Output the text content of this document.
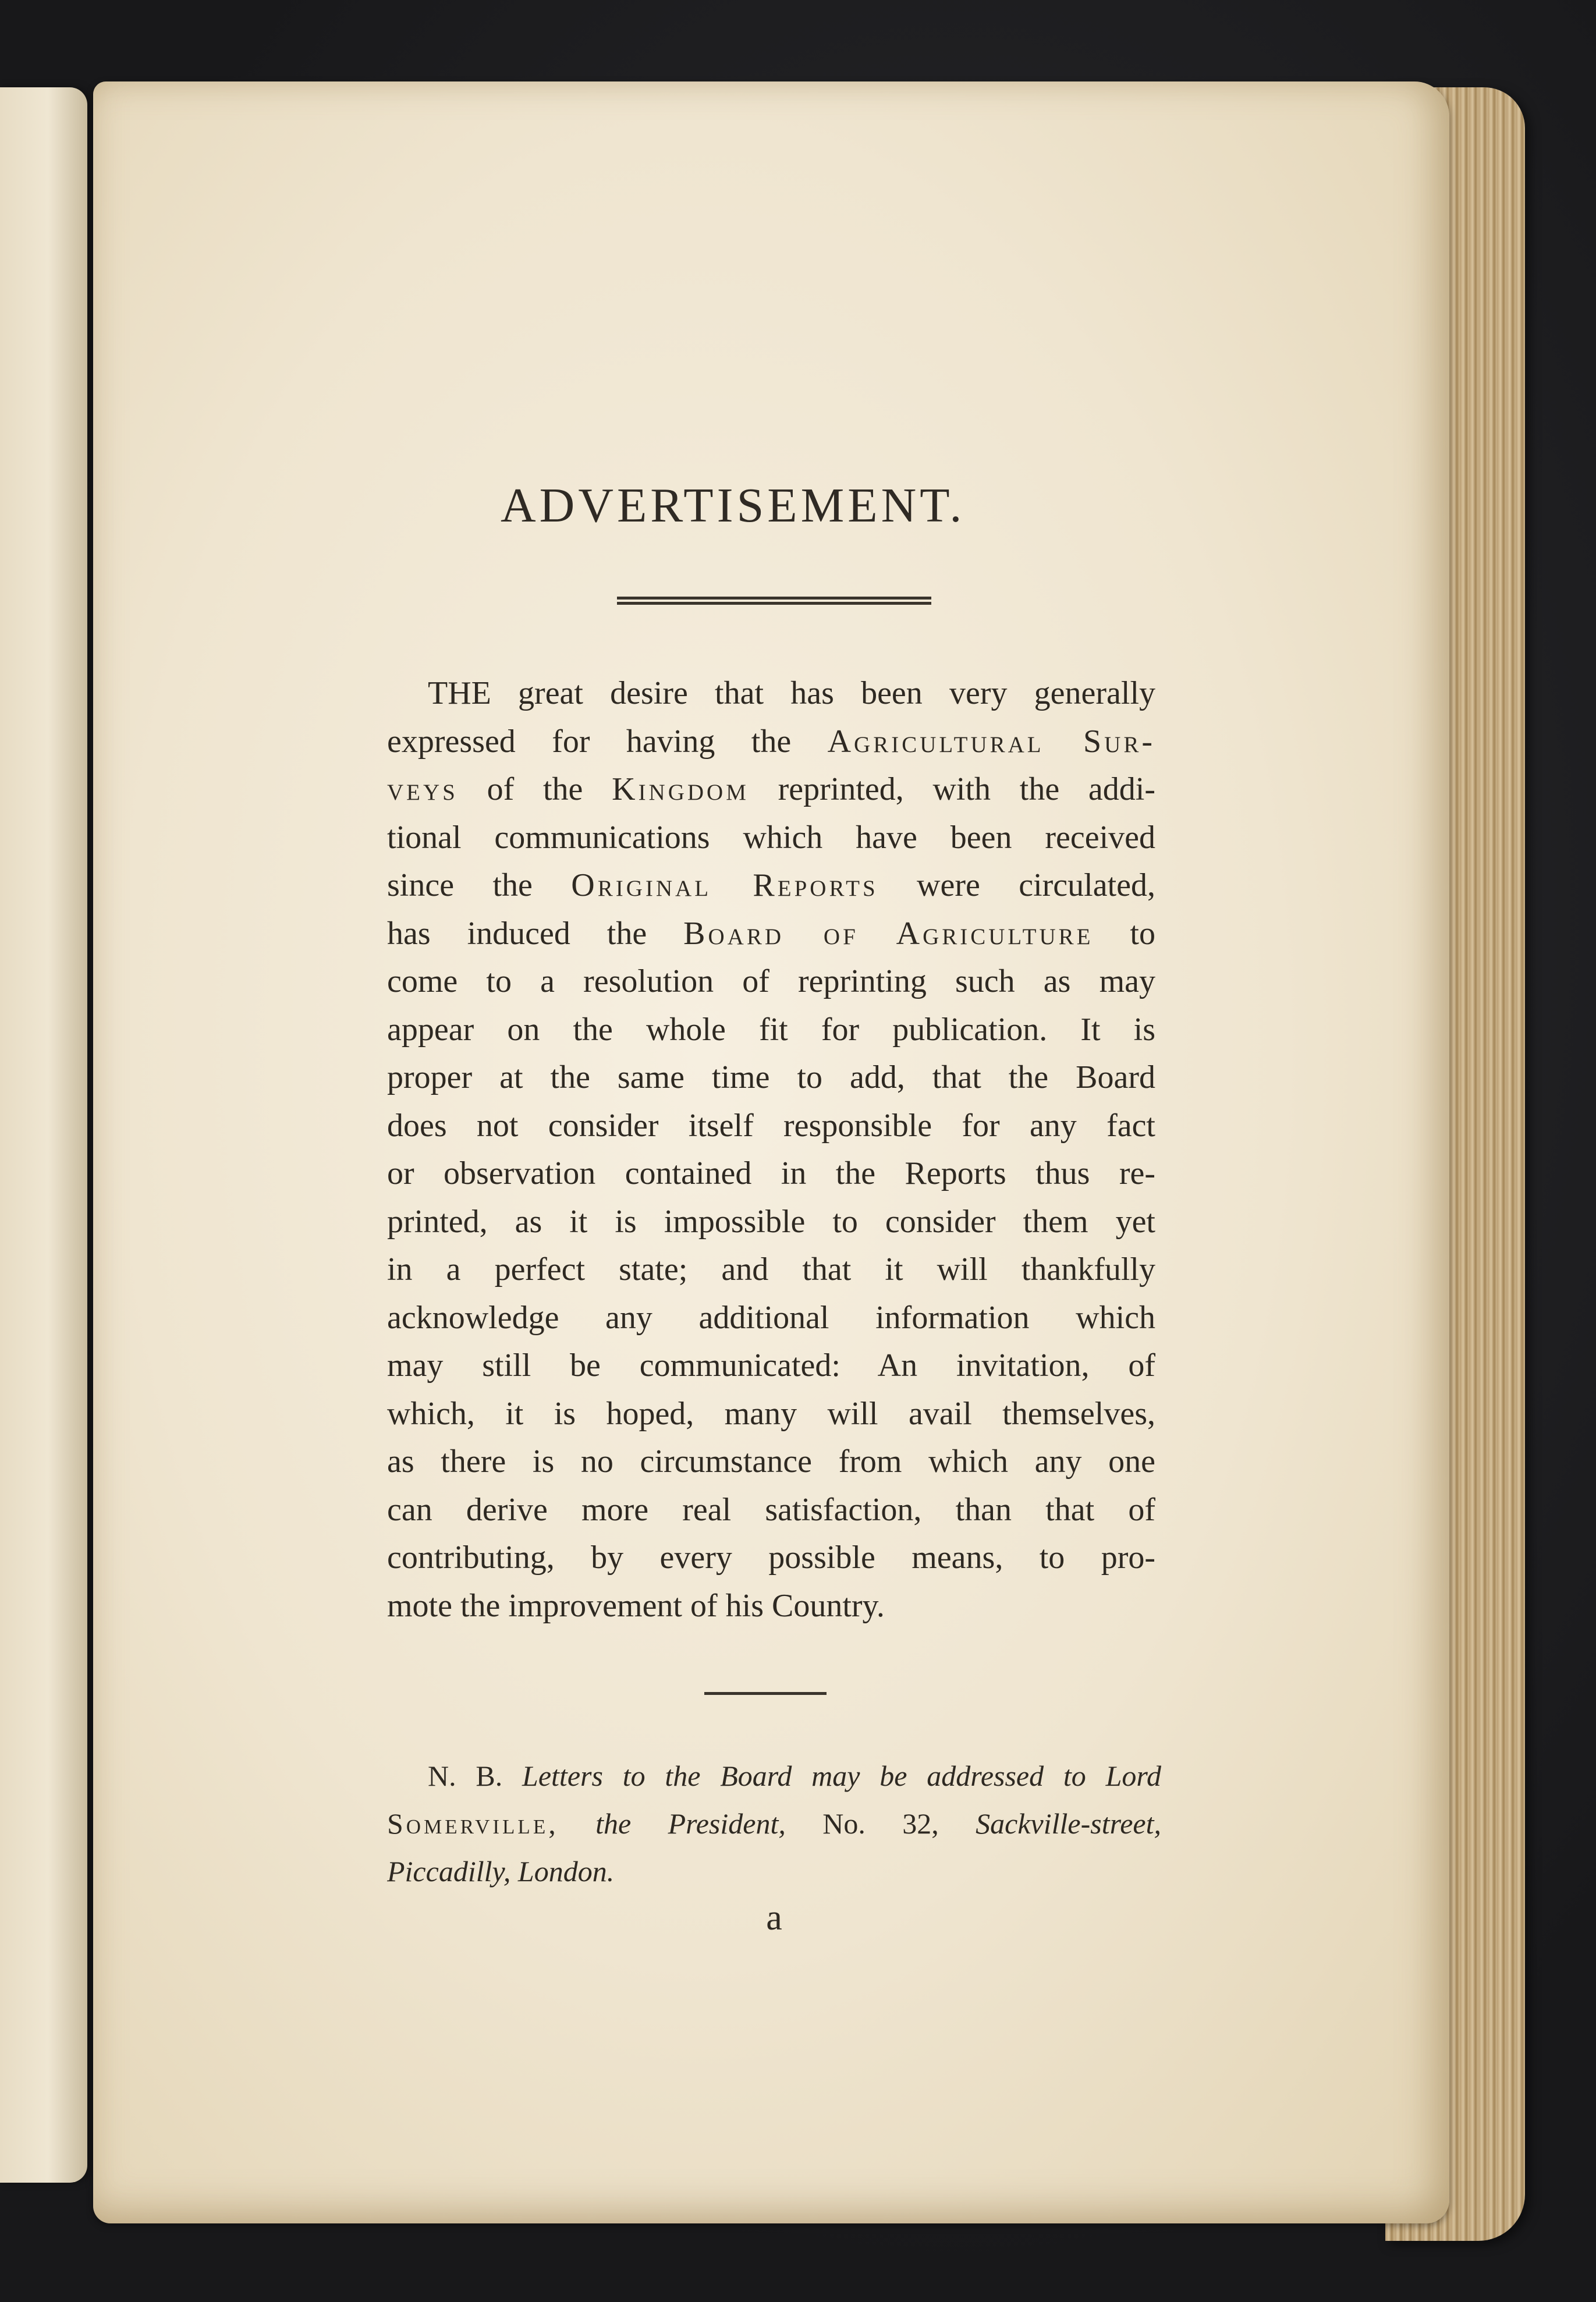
ADVERTISEMENT.
THE great desire that has been very generally
expressed for having the Agricultural Sur-
veys of the Kingdom reprinted, with the addi-
tional communications which have been received
since the Original Reports were circulated,
has induced the Board of Agriculture to
come to a resolution of reprinting such as may
appear on the whole fit for publication. It is
proper at the same time to add, that the Board
does not consider itself responsible for any fact
or observation contained in the Reports thus re-
printed, as it is impossible to consider them yet
in a perfect state; and that it will thankfully
acknowledge any additional information which
may still be communicated: An invitation, of
which, it is hoped, many will avail themselves,
as there is no circumstance from which any one
can derive more real satisfaction, than that of
contributing, by every possible means, to pro-
mote the improvement of his Country.
N. B. Letters to the Board may be addressed to Lord
Somerville, the President, No. 32, Sackville-street,
Piccadilly, London.
a
